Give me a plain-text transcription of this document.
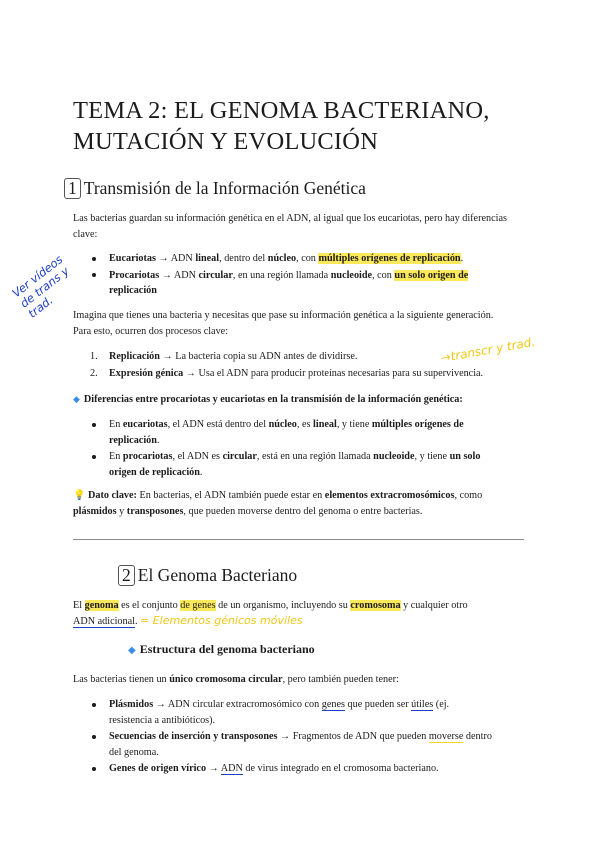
TEMA 2: EL GENOMA BACTERIANO,
MUTACIÓN Y EVOLUCIÓN
1 Transmisión de la Información Genética
Las bacterias guardan su información genética en el ADN, al igual que los eucariotas, pero hay diferencias clave:
Eucariotas → ADN lineal, dentro del núcleo, con múltiples orígenes de replicación.
Procariotas → ADN circular, en una región llamada nucleoide, con un solo origen de
replicación
Imagina que tienes una bacteria y necesitas que pase su información genética a la siguiente generación. Para esto, ocurren dos procesos clave:
1. Replicación → La bacteria copia su ADN antes de dividirse.
2. Expresión génica → Usa el ADN para producir proteínas necesarias para su supervivencia.
◆ Diferencias entre procariotas y eucariotas en la transmisión de la información genética:
En eucariotas, el ADN está dentro del núcleo, es lineal, y tiene múltiples orígenes de
replicación.
En procariotas, el ADN es circular, está en una región llamada nucleoide, y tiene un solo
origen de replicación.
💡 Dato clave: En bacterias, el ADN también puede estar en elementos extracromosómicos, como plásmidos y transposones, que pueden moverse dentro del genoma o entre bacterias.
2 El Genoma Bacteriano
El genoma es el conjunto de genes de un organismo, incluyendo su cromosoma y cualquier otro
ADN adicional.
◆ Estructura del genoma bacteriano
Las bacterias tienen un único cromosoma circular, pero también pueden tener:
Plásmidos → ADN circular extracromosómico con genes que pueden ser útiles (ej.
resistencia a antibióticos).
Secuencias de inserción y transposones → Fragmentos de ADN que pueden moverse dentro
del genoma.
Genes de origen vírico → ADN de virus integrado en el cromosoma bacteriano.
Ver vídeos
de trans y
trad.
→transcr y trad.
= Elementos génicos móviles
